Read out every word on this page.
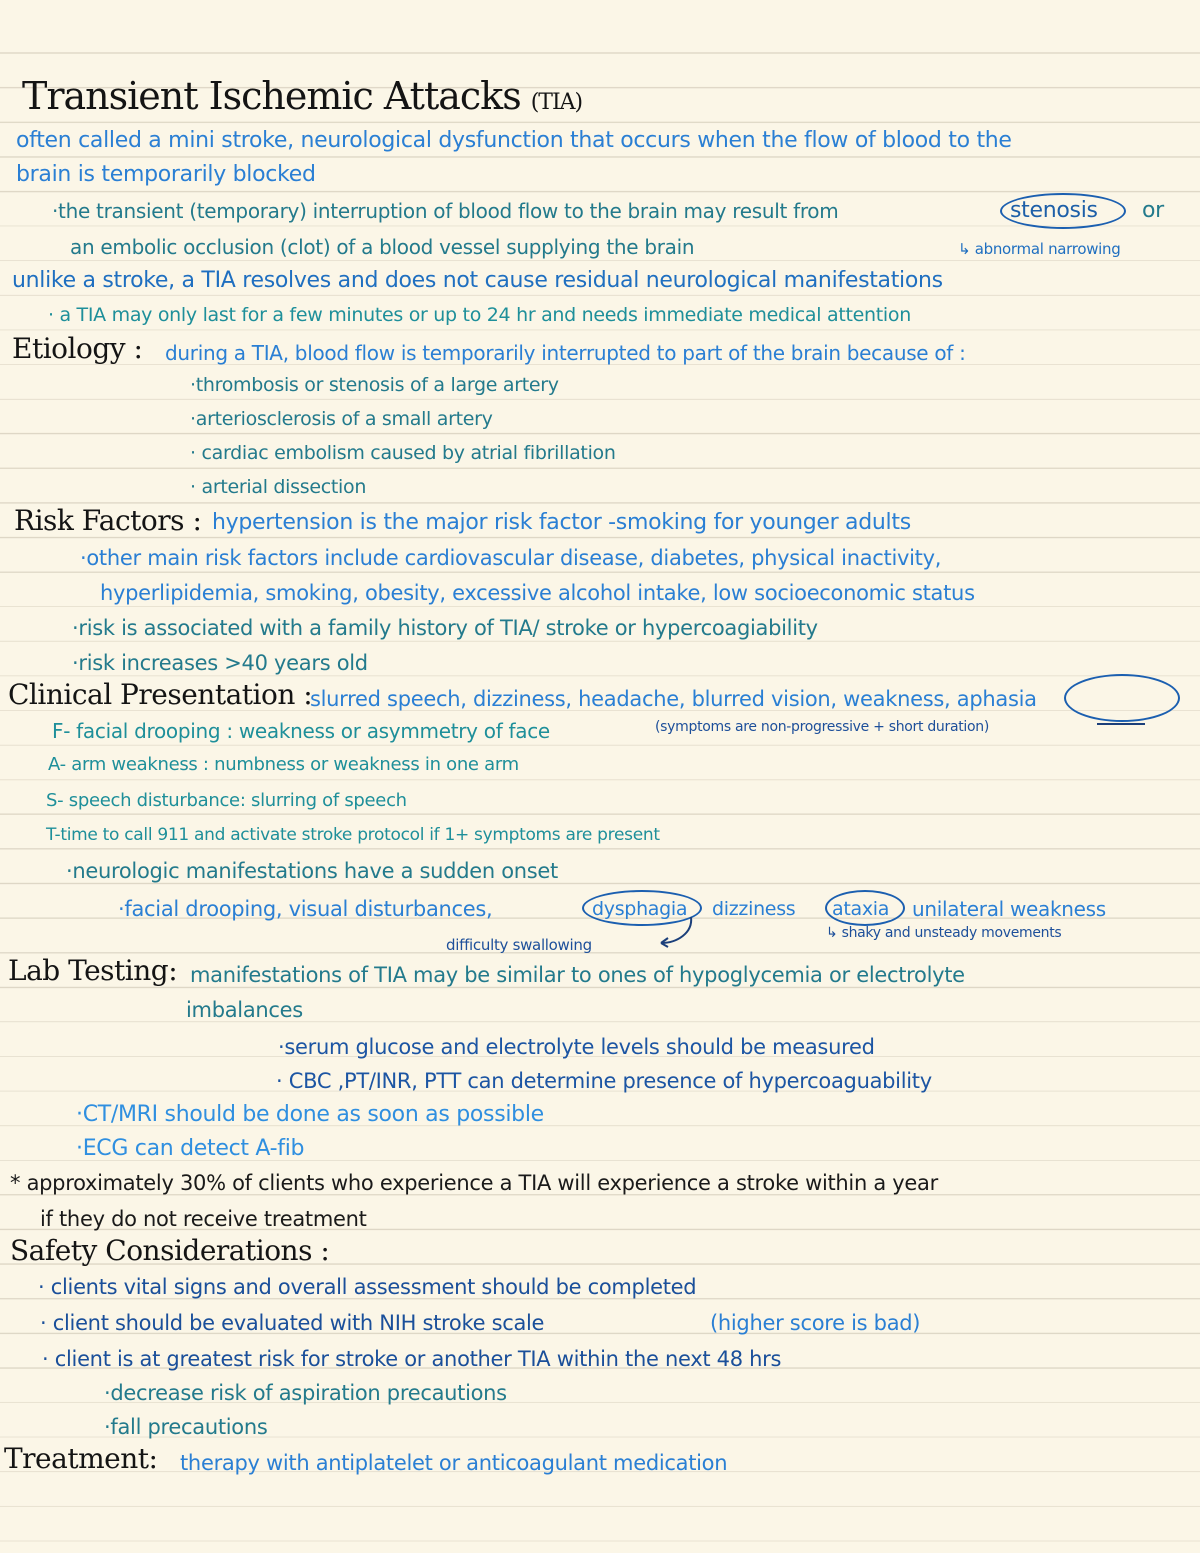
Transient Ischemic Attacks (TIA)
often called a mini stroke, neurological dysfunction that occurs when the flow of blood to the
brain is temporarily blocked
·the transient (temporary) interruption of blood flow to the brain may result from	stenosis or
an embolic occlusion (clot) of a blood vessel supplying the brain	↳ abnormal narrowing
unlike a stroke, a TIA resolves and does not cause residual neurological manifestations
· a TIA may only last for a few minutes or up to 24 hr and needs immediate medical attention
Etiology : during a TIA, blood flow is temporarily interrupted to part of the brain because of :
·thrombosis or stenosis of a large artery
·arteriosclerosis of a small artery
· cardiac embolism caused by atrial fibrillation
· arterial dissection
Risk Factors : hypertension is the major risk factor -smoking for younger adults
·other main risk factors include cardiovascular disease, diabetes, physical inactivity,
hyperlipidemia, smoking, obesity, excessive alcohol intake, low socioeconomic status
·risk is associated with a family history of TIA/ stroke or hypercoagiability
·risk increases >40 years old
Clinical Presentation :
slurred speech, dizziness, headache, blurred vision, weakness, aphasia
F- facial drooping : weakness or asymmetry of face	(symptoms are non-progressive + short duration)
A- arm weakness : numbness or weakness in one arm
S- speech disturbance: slurring of speech
T-time to call 911 and activate stroke protocol if 1+ symptoms are present
·neurologic manifestations have a sudden onset
·facial drooping, visual disturbances,	dysphagia dizziness ataxia unilateral weakness
difficulty swallowing
↳ shaky and unsteady movements
Lab Testing: manifestations of TIA may be similar to ones of hypoglycemia or electrolyte
imbalances
·serum glucose and electrolyte levels should be measured
· CBC ,PT/INR, PTT can determine presence of hypercoaguability
·CT/MRI should be done as soon as possible
·ECG can detect A-fib
* approximately 30% of clients who experience a TIA will experience a stroke within a year
if they do not receive treatment
Safety Considerations :
· clients vital signs and overall assessment should be completed
· client should be evaluated with NIH stroke scale	(higher score is bad)
· client is at greatest risk for stroke or another TIA within the next 48 hrs
·decrease risk of aspiration precautions
·fall precautions
Treatment: therapy with antiplatelet or anticoagulant medication
